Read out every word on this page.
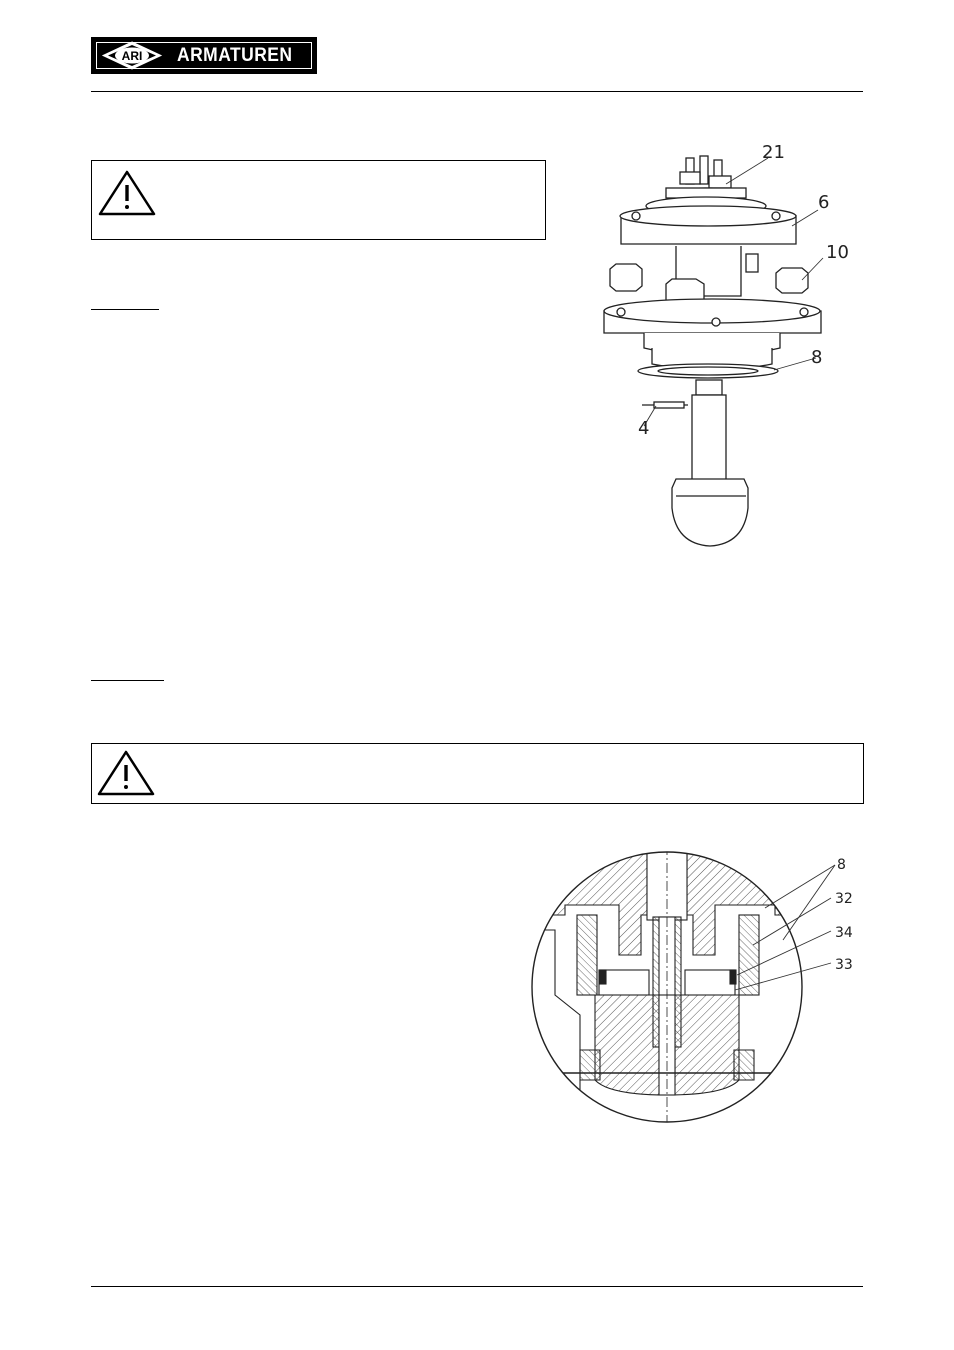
ARI ARMATUREN
21
6
10
8
4
8
32
34
33
